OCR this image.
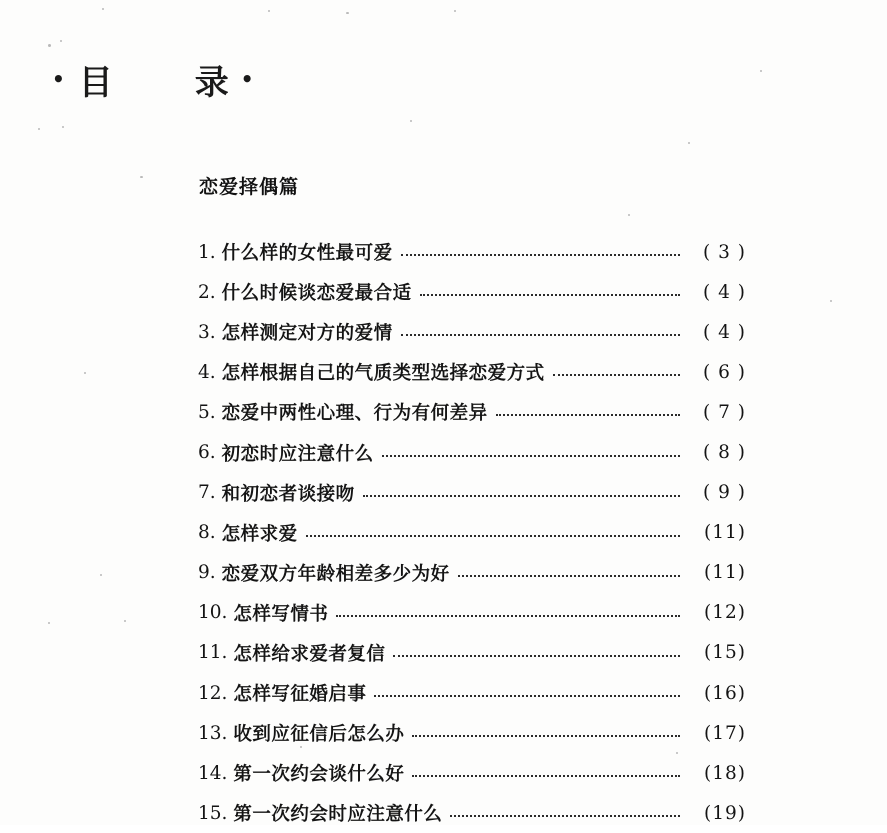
• 目 录 •
恋爱择偶篇
1. 什么样的女性最可爱	( 3 )
2. 什么时候谈恋爱最合适	( 4 )
3. 怎样测定对方的爱情	( 4 )
4. 怎样根据自己的气质类型选择恋爱方式	( 6 )
5. 恋爱中两性心理、行为有何差异	( 7 )
6. 初恋时应注意什么	( 8 )
7. 和初恋者谈接吻	( 9 )
8. 怎样求爱	(11)
9. 恋爱双方年龄相差多少为好	(11)
10. 怎样写情书	(12)
11. 怎样给求爱者复信	(15)
12. 怎样写征婚启事	(16)
13. 收到应征信后怎么办	(17)
14. 第一次约会谈什么好	(18)
15. 第一次约会时应注意什么	(19)
